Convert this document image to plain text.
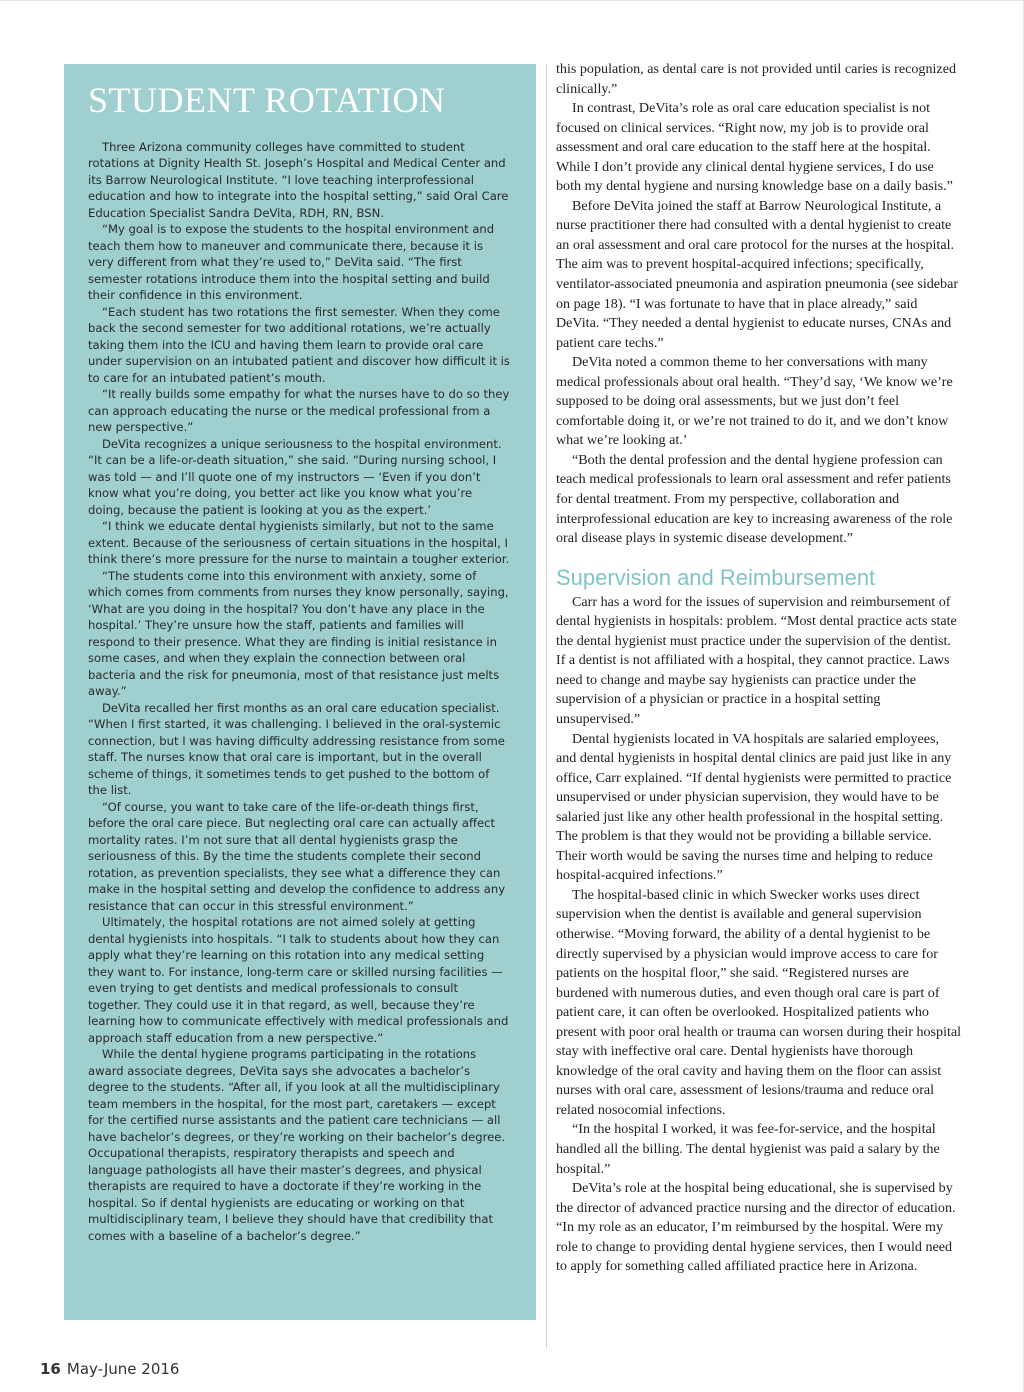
STUDENT ROTATION

Three Arizona community colleges have committed to student rotations at Dignity Health St. Joseph’s Hospital and Medical Center and its Barrow Neurological Institute. “I love teaching interprofessional education and how to integrate into the hospital setting,” said Oral Care Education Specialist Sandra DeVita, RDH, RN, BSN.

“My goal is to expose the students to the hospital environment and teach them how to maneuver and communicate there, because it is very different from what they’re used to,” DeVita said. “The first semester rotations introduce them into the hospital setting and build their confidence in this environment.

“Each student has two rotations the first semester. When they come back the second semester for two additional rotations, we’re actually taking them into the ICU and having them learn to provide oral care under supervision on an intubated patient and discover how difficult it is to care for an intubated patient’s mouth.

“It really builds some empathy for what the nurses have to do so they can approach educating the nurse or the medical professional from a new perspective.”

DeVita recognizes a unique seriousness to the hospital environment. “It can be a life-or-death situation,” she said. “During nursing school, I was told — and I’ll quote one of my instructors — ‘Even if you don’t know what you’re doing, you better act like you know what you’re doing, because the patient is looking at you as the expert.’

“I think we educate dental hygienists similarly, but not to the same extent. Because of the seriousness of certain situations in the hospital, I think there’s more pressure for the nurse to maintain a tougher exterior.

“The students come into this environment with anxiety, some of which comes from comments from nurses they know personally, saying, ‘What are you doing in the hospital? You don’t have any place in the hospital.’ They’re unsure how the staff, patients and families will respond to their presence. What they are finding is initial resistance in some cases, and when they explain the connection between oral bacteria and the risk for pneumonia, most of that resistance just melts away.”

DeVita recalled her first months as an oral care education specialist. “When I first started, it was challenging. I believed in the oral-systemic connection, but I was having difficulty addressing resistance from some staff. The nurses know that oral care is important, but in the overall scheme of things, it sometimes tends to get pushed to the bottom of the list.

“Of course, you want to take care of the life-or-death things first, before the oral care piece. But neglecting oral care can actually affect mortality rates. I’m not sure that all dental hygienists grasp the seriousness of this. By the time the students complete their second rotation, as prevention specialists, they see what a difference they can make in the hospital setting and develop the confidence to address any resistance that can occur in this stressful environment.”

Ultimately, the hospital rotations are not aimed solely at getting dental hygienists into hospitals. “I talk to students about how they can apply what they’re learning on this rotation into any medical setting they want to. For instance, long-term care or skilled nursing facilities — even trying to get dentists and medical professionals to consult together. They could use it in that regard, as well, because they’re learning how to communicate effectively with medical professionals and approach staff education from a new perspective.”

While the dental hygiene programs participating in the rotations award associate degrees, DeVita says she advocates a bachelor’s degree to the students. “After all, if you look at all the multidisciplinary team members in the hospital, for the most part, caretakers — except for the certified nurse assistants and the patient care technicians — all have bachelor’s degrees, or they’re working on their bachelor’s degree. Occupational therapists, respiratory therapists and speech and language pathologists all have their master’s degrees, and physical therapists are required to have a doctorate if they’re working in the hospital. So if dental hygienists are educating or working on that multidisciplinary team, I believe they should have that credibility that comes with a baseline of a bachelor’s degree.”

this population, as dental care is not provided until caries is recognized clinically.”

In contrast, DeVita’s role as oral care education specialist is not focused on clinical services. “Right now, my job is to provide oral assessment and oral care education to the staff here at the hospital. While I don’t provide any clinical dental hygiene services, I do use both my dental hygiene and nursing knowledge base on a daily basis.”

Before DeVita joined the staff at Barrow Neurological Institute, a nurse practitioner there had consulted with a dental hygienist to create an oral assessment and oral care protocol for the nurses at the hospital. The aim was to prevent hospital-acquired infections; specifically, ventilator-associated pneumonia and aspiration pneumonia (see sidebar on page 18). “I was fortunate to have that in place already,” said DeVita. “They needed a dental hygienist to educate nurses, CNAs and patient care techs.”

DeVita noted a common theme to her conversations with many medical professionals about oral health. “They’d say, ‘We know we’re supposed to be doing oral assessments, but we just don’t feel comfortable doing it, or we’re not trained to do it, and we don’t know what we’re looking at.’

“Both the dental profession and the dental hygiene profession can teach medical professionals to learn oral assessment and refer patients for dental treatment. From my perspective, collaboration and interprofessional education are key to increasing awareness of the role oral disease plays in systemic disease development.”

Supervision and Reimbursement

Carr has a word for the issues of supervision and reimbursement of dental hygienists in hospitals: problem. “Most dental practice acts state the dental hygienist must practice under the supervision of the dentist. If a dentist is not affiliated with a hospital, they cannot practice. Laws need to change and maybe say hygienists can practice under the supervision of a physician or practice in a hospital setting unsupervised.”

Dental hygienists located in VA hospitals are salaried employees, and dental hygienists in hospital dental clinics are paid just like in any office, Carr explained. “If dental hygienists were permitted to practice unsupervised or under physician supervision, they would have to be salaried just like any other health professional in the hospital setting. The problem is that they would not be providing a billable service. Their worth would be saving the nurses time and helping to reduce hospital-acquired infections.”

The hospital-based clinic in which Swecker works uses direct supervision when the dentist is available and general supervision otherwise. “Moving forward, the ability of a dental hygienist to be directly supervised by a physician would improve access to care for patients on the hospital floor,” she said. “Registered nurses are burdened with numerous duties, and even though oral care is part of patient care, it can often be overlooked. Hospitalized patients who present with poor oral health or trauma can worsen during their hospital stay with ineffective oral care. Dental hygienists have thorough knowledge of the oral cavity and having them on the floor can assist nurses with oral care, assessment of lesions/trauma and reduce oral related nosocomial infections.

“In the hospital I worked, it was fee-for-service, and the hospital handled all the billing. The dental hygienist was paid a salary by the hospital.”

DeVita’s role at the hospital being educational, she is supervised by the director of advanced practice nursing and the director of education. “In my role as an educator, I’m reimbursed by the hospital. Were my role to change to providing dental hygiene services, then I would need to apply for something called affiliated practice here in Arizona.

16 May-June 2016
